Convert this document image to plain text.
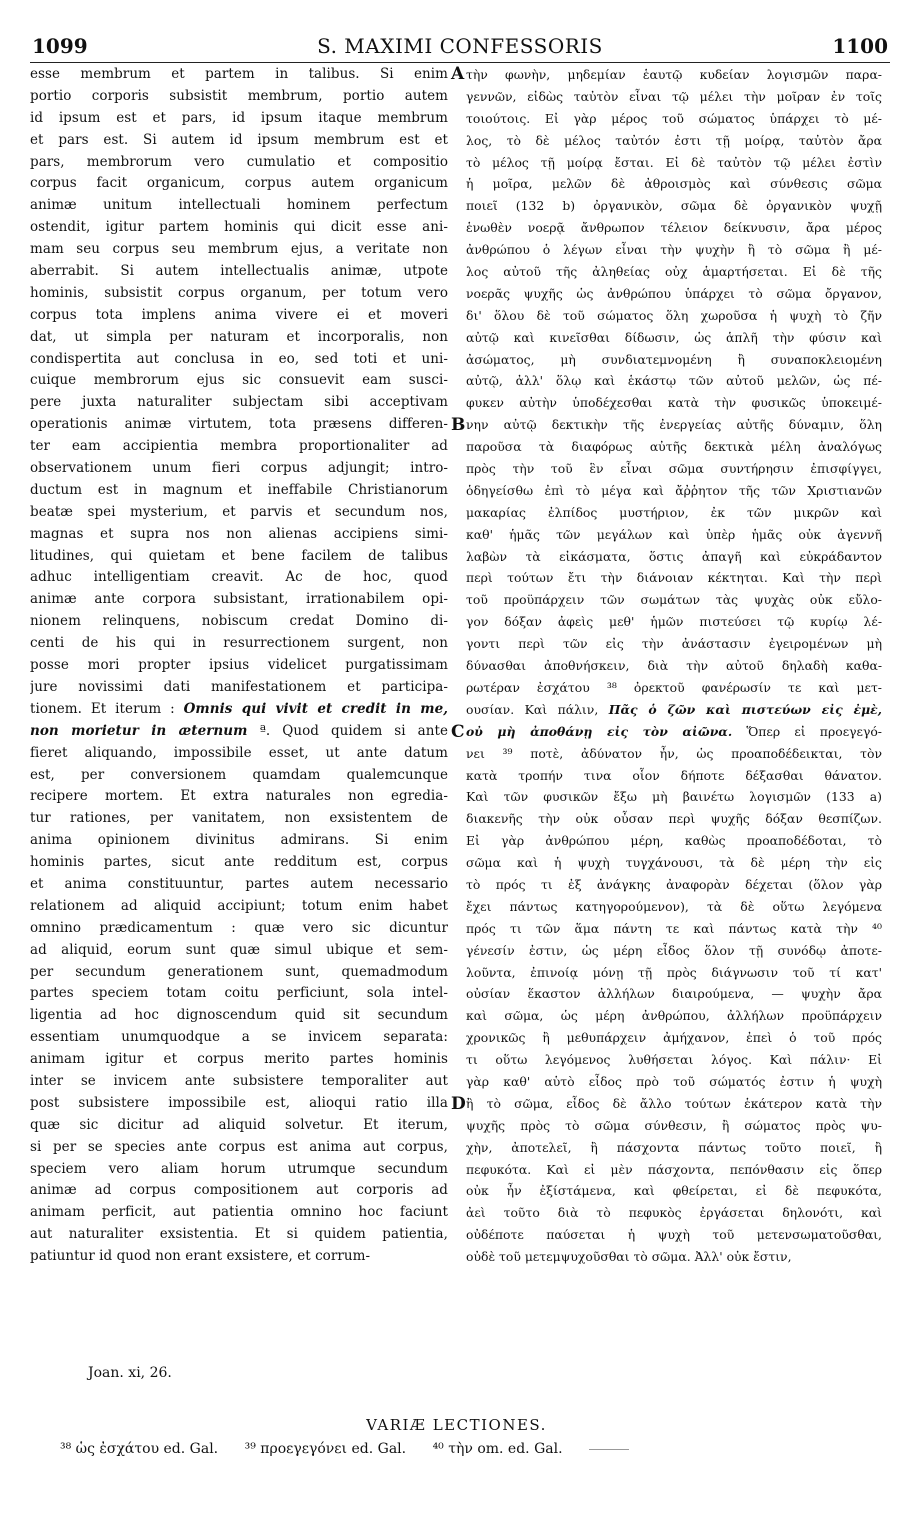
1099	S. MAXIMI CONFESSORIS	1100
esse membrum et partem in talibus. Si enim
portio corporis subsistit membrum, portio autem
id ipsum est et pars, id ipsum itaque membrum
et pars est. Si autem id ipsum membrum est et
pars, membrorum vero cumulatio et compositio
corpus facit organicum, corpus autem organicum
animæ unitum intellectuali hominem perfectum
ostendit, igitur partem hominis qui dicit esse ani-
mam seu corpus seu membrum ejus, a veritate non
aberrabit. Si autem intellectualis animæ, utpote
hominis, subsistit corpus organum, per totum vero
corpus tota implens anima vivere ei et moveri
dat, ut simpla per naturam et incorporalis, non
condispertita aut conclusa in eo, sed toti et uni-
cuique membrorum ejus sic consuevit eam susci-
pere juxta naturaliter subjectam sibi acceptivam
operationis animæ virtutem, tota præsens differen-
ter eam accipientia membra proportionaliter ad
observationem unum fieri corpus adjungit; intro-
ductum est in magnum et ineffabile Christianorum
beatæ spei mysterium, et parvis et secundum nos,
magnas et supra nos non alienas accipiens simi-
litudines, qui quietam et bene facilem de talibus
adhuc intelligentiam creavit. Ac de hoc, quod
animæ ante corpora subsistant, irrationabilem opi-
nionem relinquens, nobiscum credat Domino di-
centi de his qui in resurrectionem surgent, non
posse mori propter ipsius videlicet purgatissimam
jure novissimi dati manifestationem et participa-
tionem. Et iterum : Omnis qui vivit et credit in me,
non morietur in æternum ª. Quod quidem si ante
fieret aliquando, impossibile esset, ut ante datum
est, per conversionem quamdam qualemcunque
recipere mortem. Et extra naturales non egredia-
tur rationes, per vanitatem, non exsistentem de
anima opinionem divinitus admirans. Si enim
hominis partes, sicut ante redditum est, corpus
et anima constituuntur, partes autem necessario
relationem ad aliquid accipiunt; totum enim habet
omnino prædicamentum : quæ vero sic dicuntur
ad aliquid, eorum sunt quæ simul ubique et sem-
per secundum generationem sunt, quemadmodum
partes speciem totam coitu perficiunt, sola intel-
ligentia ad hoc dignoscendum quid sit secundum
essentiam unumquodque a se invicem separata:
animam igitur et corpus merito partes hominis
inter se invicem ante subsistere temporaliter aut
post subsistere impossibile est, alioqui ratio illa
quæ sic dicitur ad aliquid solvetur. Et iterum,
si per se species ante corpus est anima aut corpus,
speciem vero aliam horum utrumque secundum
animæ ad corpus compositionem aut corporis ad
animam perficit, aut patientia omnino hoc faciunt
aut naturaliter exsistentia. Et si quidem patientia,
patiuntur id quod non erant exsistere, et corrum-
τὴν φωνὴν, μηδεμίαν ἑαυτῷ κυδείαν λογισμῶν παρα-
γεννῶν, εἰδὼς ταὐτὸν εἶναι τῷ μέλει τὴν μοῖραν ἐν τοῖς
τοιούτοις. Εἰ γὰρ μέρος τοῦ σώματος ὑπάρχει τὸ μέ-
λος, τὸ δὲ μέλος ταὐτόν ἐστι τῇ μοίρᾳ, ταὐτὸν ἄρα
τὸ μέλος τῇ μοίρᾳ ἔσται. Εἰ δὲ ταὐτὸν τῷ μέλει ἐστὶν
ἡ μοῖρα, μελῶν δὲ ἀθροισμὸς καὶ σύνθεσις σῶμα
ποιεῖ (132 b) ὀργανικὸν, σῶμα δὲ ὀργανικὸν ψυχῇ
ἑνωθὲν νοερᾷ ἄνθρωπον τέλειον δείκνυσιν, ἄρα μέρος
ἀνθρώπου ὁ λέγων εἶναι τὴν ψυχὴν ἢ τὸ σῶμα ἢ μέ-
λος αὐτοῦ τῆς ἀληθείας οὐχ ἁμαρτήσεται. Εἰ δὲ τῆς
νοερᾶς ψυχῆς ὡς ἀνθρώπου ὑπάρχει τὸ σῶμα ὄργανον,
δι' ὅλου δὲ τοῦ σώματος ὅλη χωροῦσα ἡ ψυχὴ τὸ ζῆν
αὐτῷ καὶ κινεῖσθαι δίδωσιν, ὡς ἁπλῆ τὴν φύσιν καὶ
ἀσώματος, μὴ συνδιατεμνομένη ἢ συναποκλειομένη
αὐτῷ, ἀλλ' ὅλῳ καὶ ἑκάστῳ τῶν αὐτοῦ μελῶν, ὡς πέ-
φυκεν αὐτὴν ὑποδέχεσθαι κατὰ τὴν φυσικῶς ὑποκειμέ-
νην αὐτῷ δεκτικὴν τῆς ἐνεργείας αὐτῆς δύναμιν, ὅλη
παροῦσα τὰ διαφόρως αὐτῆς δεκτικὰ μέλη ἀναλόγως
πρὸς τὴν τοῦ ἓν εἶναι σῶμα συντήρησιν ἐπισφίγγει,
ὁδηγείσθω ἐπὶ τὸ μέγα καὶ ἄῤῥητον τῆς τῶν Χριστιανῶν
μακαρίας ἐλπίδος μυστήριον, ἐκ τῶν μικρῶν καὶ
καθ' ἡμᾶς τῶν μεγάλων καὶ ὑπὲρ ἡμᾶς οὐκ ἀγεννῆ
λαβὼν τὰ εἰκάσματα, ὅστις ἀπαγῆ καὶ εὐκράδαντον
περὶ τούτων ἔτι τὴν διάνοιαν κέκτηται. Καὶ τὴν περὶ
τοῦ προϋπάρχειν τῶν σωμάτων τὰς ψυχὰς οὐκ εὔλο-
γον δόξαν ἀφεὶς μεθ' ἡμῶν πιστεύσει τῷ κυρίῳ λέ-
γοντι περὶ τῶν εἰς τὴν ἀνάστασιν ἐγειρομένων μὴ
δύνασθαι ἀποθνήσκειν, διὰ τὴν αὐτοῦ δηλαδὴ καθα-
ρωτέραν ἐσχάτου ³⁸ ὀρεκτοῦ φανέρωσίν τε καὶ μετ-
ουσίαν. Καὶ πάλιν, Πᾶς ὁ ζῶν καὶ πιστεύων εἰς ἐμὲ,
οὐ μὴ ἀποθάνῃ εἰς τὸν αἰῶνα. Ὅπερ εἰ προεγεγό-
νει ³⁹ ποτὲ, ἀδύνατον ἦν, ὡς προαποδέδεικται, τὸν
κατὰ τροπήν τινα οἷον δήποτε δέξασθαι θάνατον.
Καὶ τῶν φυσικῶν ἔξω μὴ βαινέτω λογισμῶν (133 a)
διακενῆς τὴν οὐκ οὖσαν περὶ ψυχῆς δόξαν θεσπίζων.
Εἰ γὰρ ἀνθρώπου μέρη, καθὼς προαποδέδοται, τὸ
σῶμα καὶ ἡ ψυχὴ τυγχάνουσι, τὰ δὲ μέρη τὴν εἰς
τὸ πρός τι ἐξ ἀνάγκης ἀναφορὰν δέχεται (ὅλον γὰρ
ἔχει πάντως κατηγορούμενον), τὰ δὲ οὕτω λεγόμενα
πρός τι τῶν ἅμα πάντη τε καὶ πάντως κατὰ τὴν ⁴⁰
γένεσίν ἐστιν, ὡς μέρη εἶδος ὅλον τῇ συνόδῳ ἀποτε-
λοῦντα, ἐπινοίᾳ μόνῃ τῇ πρὸς διάγνωσιν τοῦ τί κατ'
οὐσίαν ἕκαστον ἀλλήλων διαιρούμενα, — ψυχὴν ἄρα
καὶ σῶμα, ὡς μέρη ἀνθρώπου, ἀλλήλων προϋπάρχειν
χρονικῶς ἢ μεθυπάρχειν ἀμήχανον, ἐπεὶ ὁ τοῦ πρός
τι οὕτω λεγόμενος λυθήσεται λόγος. Καὶ πάλιν· Εἰ
γὰρ καθ' αὑτὸ εἶδος πρὸ τοῦ σώματός ἐστιν ἡ ψυχὴ
ἢ τὸ σῶμα, εἶδος δὲ ἄλλο τούτων ἑκάτερον κατὰ τὴν
ψυχῆς πρὸς τὸ σῶμα σύνθεσιν, ἢ σώματος πρὸς ψυ-
χὴν, ἀποτελεῖ, ἢ πάσχοντα πάντως τοῦτο ποιεῖ, ἢ
πεφυκότα. Καὶ εἰ μὲν πάσχοντα, πεπόνθασιν εἰς ὅπερ
οὐκ ἦν ἐξίστάμενα, καὶ φθείρεται, εἰ δὲ πεφυκότα,
ἀεὶ τοῦτο διὰ τὸ πεφυκὸς ἐργάσεται δηλονότι, καὶ
οὐδέποτε παύσεται ἡ ψυχὴ τοῦ μετενσωματοῦσθαι,
οὐδὲ τοῦ μετεμψυχοῦσθαι τὸ σῶμα. Ἀλλ' οὐκ ἔστιν,
A
B
C
D
Joan. xi, 26.
VARIÆ LECTIONES.
³⁸ ὡς ἐσχάτου ed. Gal. ³⁹ προεγεγόνει ed. Gal. ⁴⁰ τὴν om. ed. Gal.
